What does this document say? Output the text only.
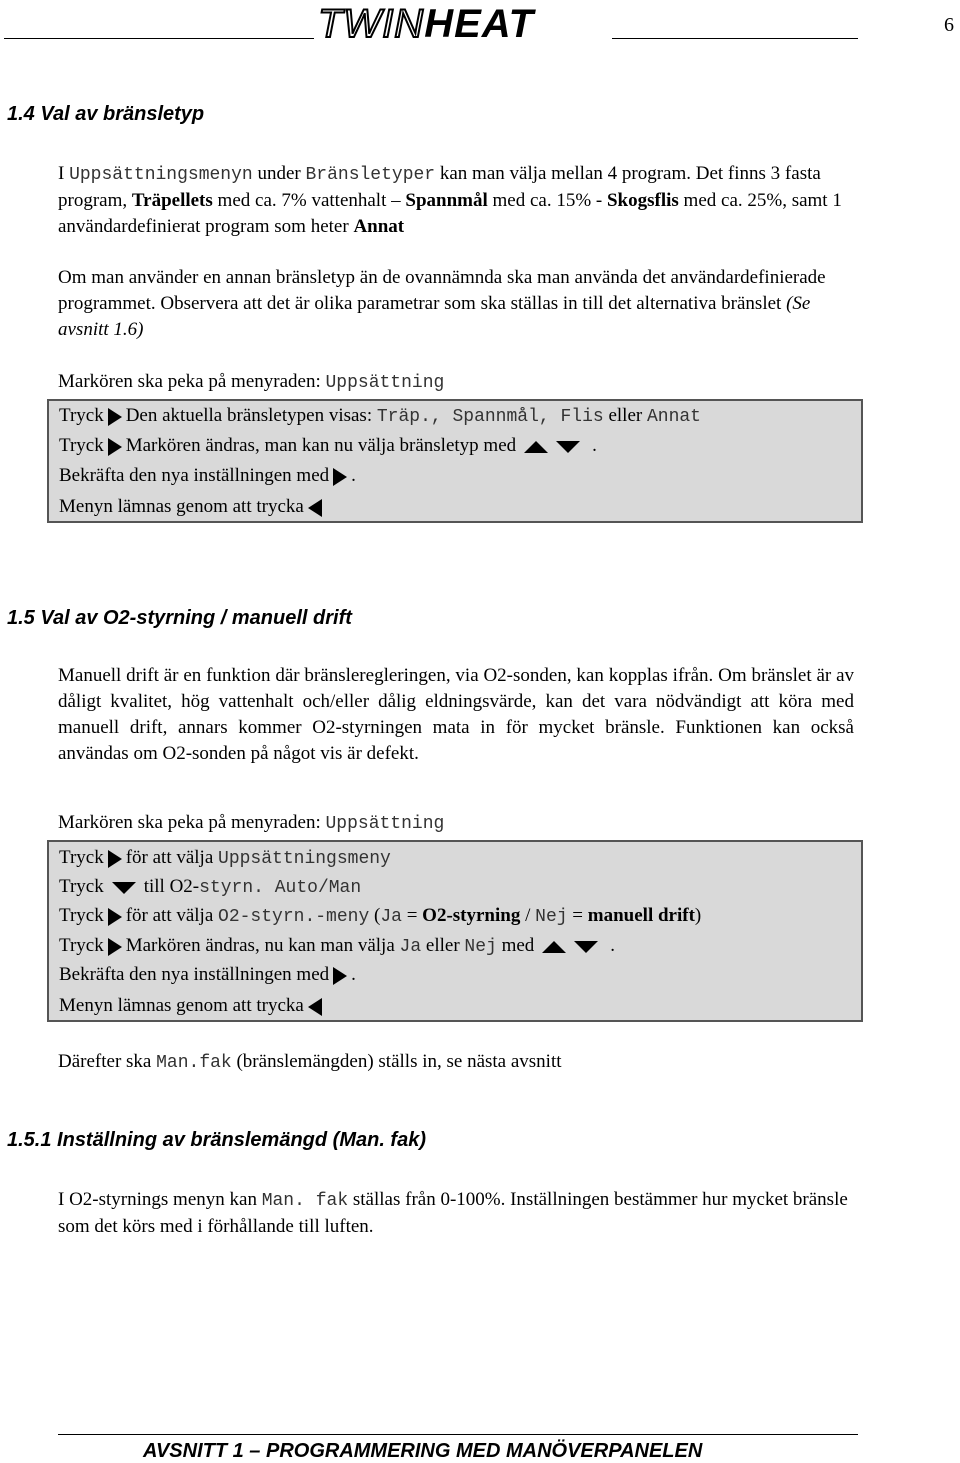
TWINHEAT	6
1.4 Val av bränsletyp
I Uppsättningsmenyn under Bränsletyper kan man välja mellan 4 program. Det finns 3 fasta program, Träpellets med ca. 7% vattenhalt – Spannmål med ca. 15% - Skogsflis med ca. 25%, samt 1 användardefinierat program som heter Annat
Om man använder en annan bränsletyp än de ovannämnda ska man använda det användardefinierade programmet. Observera att det är olika parametrar som ska ställas in till det alternativa bränslet (Se avsnitt 1.6)
Markören ska peka på menyraden: Uppsättning
Tryck Den aktuella bränsletypen visas: Träp., Spannmål, Flis eller Annat
Tryck Markören ändras, man kan nu välja bränsletyp med	.
Bekräfta den nya inställningen med .
Menyn lämnas genom att trycka
1.5 Val av O2-styrning / manuell drift
Manuell drift är en funktion där bränsleregleringen, via O2-sonden, kan kopplas ifrån. Om bränslet är av dåligt kvalitet, hög vattenhalt och/eller dålig eldningsvärde, kan det vara nödvändigt att köra med manuell drift, annars kommer O2-styrningen mata in för mycket bränsle. Funktionen kan också användas om O2-sonden på något vis är defekt.
Markören ska peka på menyraden: Uppsättning
Tryck för att välja Uppsättningsmeny
Tryck till O2-styrn. Auto/Man
Tryck för att välja O2-styrn.-meny (Ja = O2-styrning / Nej = manuell drift)
Tryck Markören ändras, nu kan man välja Ja eller Nej med	.
Bekräfta den nya inställningen med .
Menyn lämnas genom att trycka
Därefter ska Man.fak (bränslemängden) ställs in, se nästa avsnitt
1.5.1 Inställning av bränslemängd (Man. fak)
I O2-styrnings menyn kan Man. fak ställas från 0-100%. Inställningen bestämmer hur mycket bränsle som det körs med i förhållande till luften.
AVSNITT 1 – PROGRAMMERING MED MANÖVERPANELEN
